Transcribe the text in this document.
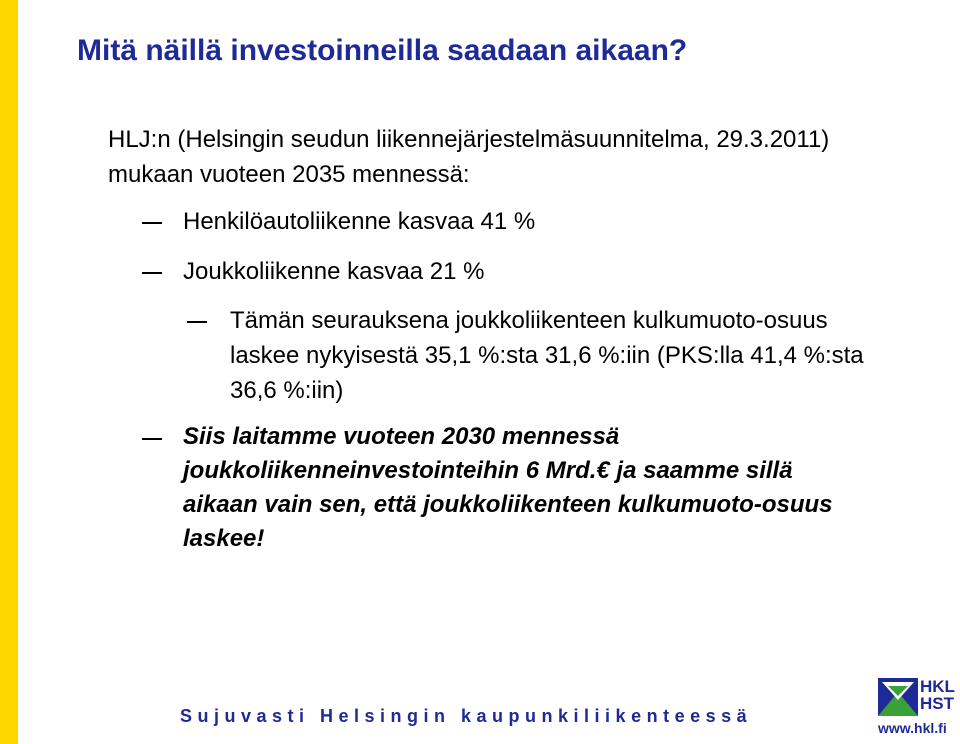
Mitä näillä investoinneilla saadaan aikaan?
HLJ:n (Helsingin seudun liikennejärjestelmäsuunnitelma, 29.3.2011) mukaan vuoteen 2035 mennessä:
Henkilöautoliikenne kasvaa 41 %
Joukkoliikenne kasvaa 21 %
Tämän seurauksena joukkoliikenteen kulkumuoto-osuus laskee nykyisestä 35,1 %:sta 31,6 %:iin (PKS:lla 41,4 %:sta 36,6 %:iin)
Siis laitamme vuoteen 2030 mennessä joukkoliikenneinvestointeihin 6 Mrd.€ ja saamme sillä aikaan vain sen, että joukkoliikenteen kulkumuoto-osuus laskee!
Sujuvasti Helsingin kaupunkiliikenteessä
HKL
HST
www.hkl.fi
